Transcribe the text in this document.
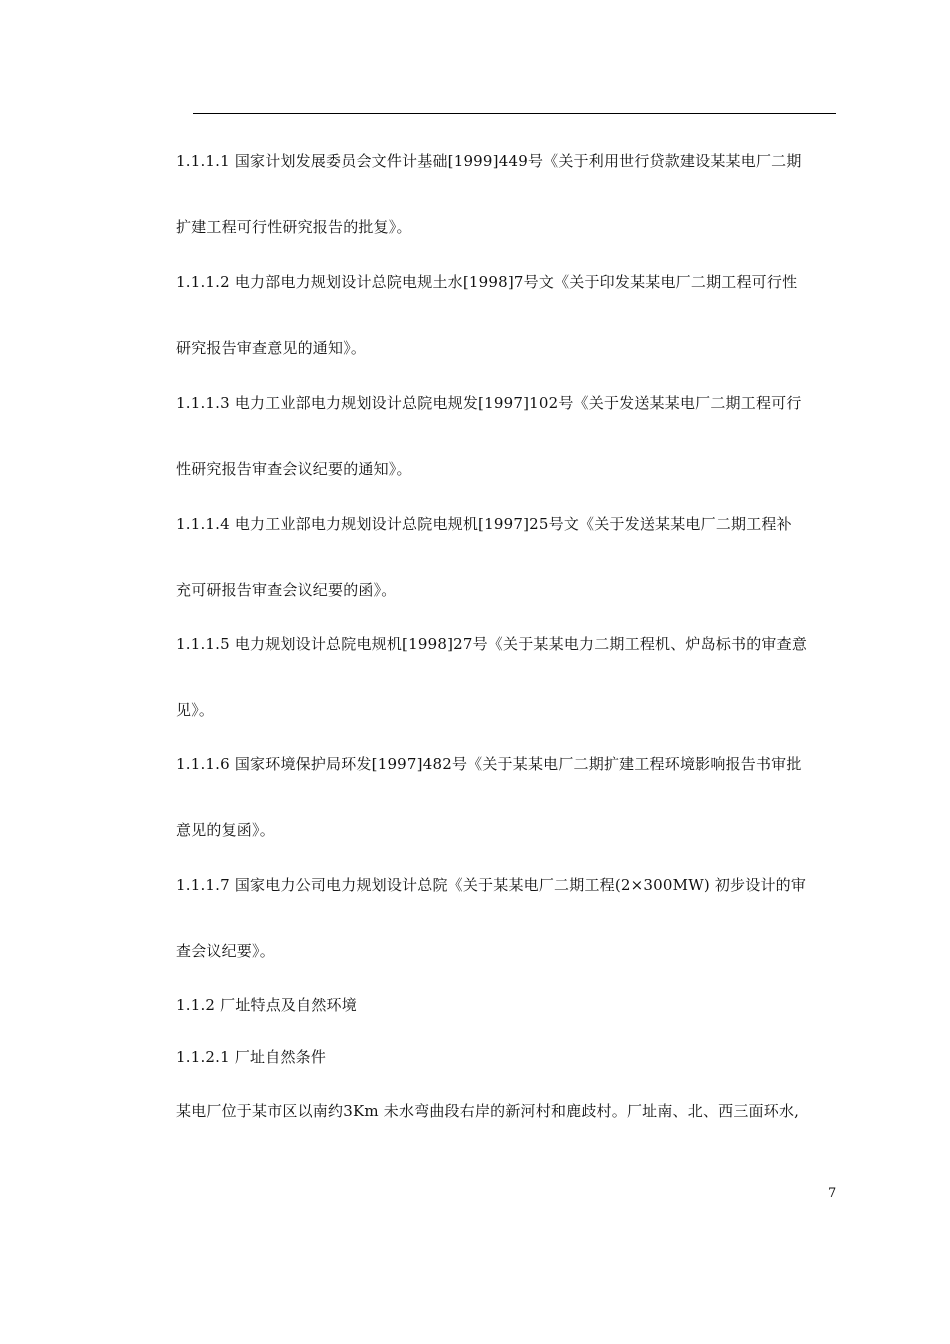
1.1.1.1 国家计划发展委员会文件计基础[1999]449号《关于利用世行贷款建设某某电厂二期
扩建工程可行性研究报告的批复》。
1.1.1.2 电力部电力规划设计总院电规土水[1998]7号文《关于印发某某电厂二期工程可行性
研究报告审查意见的通知》。
1.1.1.3 电力工业部电力规划设计总院电规发[1997]102号《关于发送某某电厂二期工程可行
性研究报告审查会议纪要的通知》。
1.1.1.4 电力工业部电力规划设计总院电规机[1997]25号文《关于发送某某电厂二期工程补
充可研报告审查会议纪要的函》。
1.1.1.5 电力规划设计总院电规机[1998]27号《关于某某电力二期工程机、炉岛标书的审查意
见》。
1.1.1.6 国家环境保护局环发[1997]482号《关于某某电厂二期扩建工程环境影响报告书审批
意见的复函》。
1.1.1.7 国家电力公司电力规划设计总院《关于某某电厂二期工程(2×300MW) 初步设计的审
查会议纪要》。
1.1.2 厂址特点及自然环境
1.1.2.1 厂址自然条件
某电厂位于某市区以南约3Km 未水弯曲段右岸的新河村和鹿歧村。厂址南、北、西三面环水,
7
